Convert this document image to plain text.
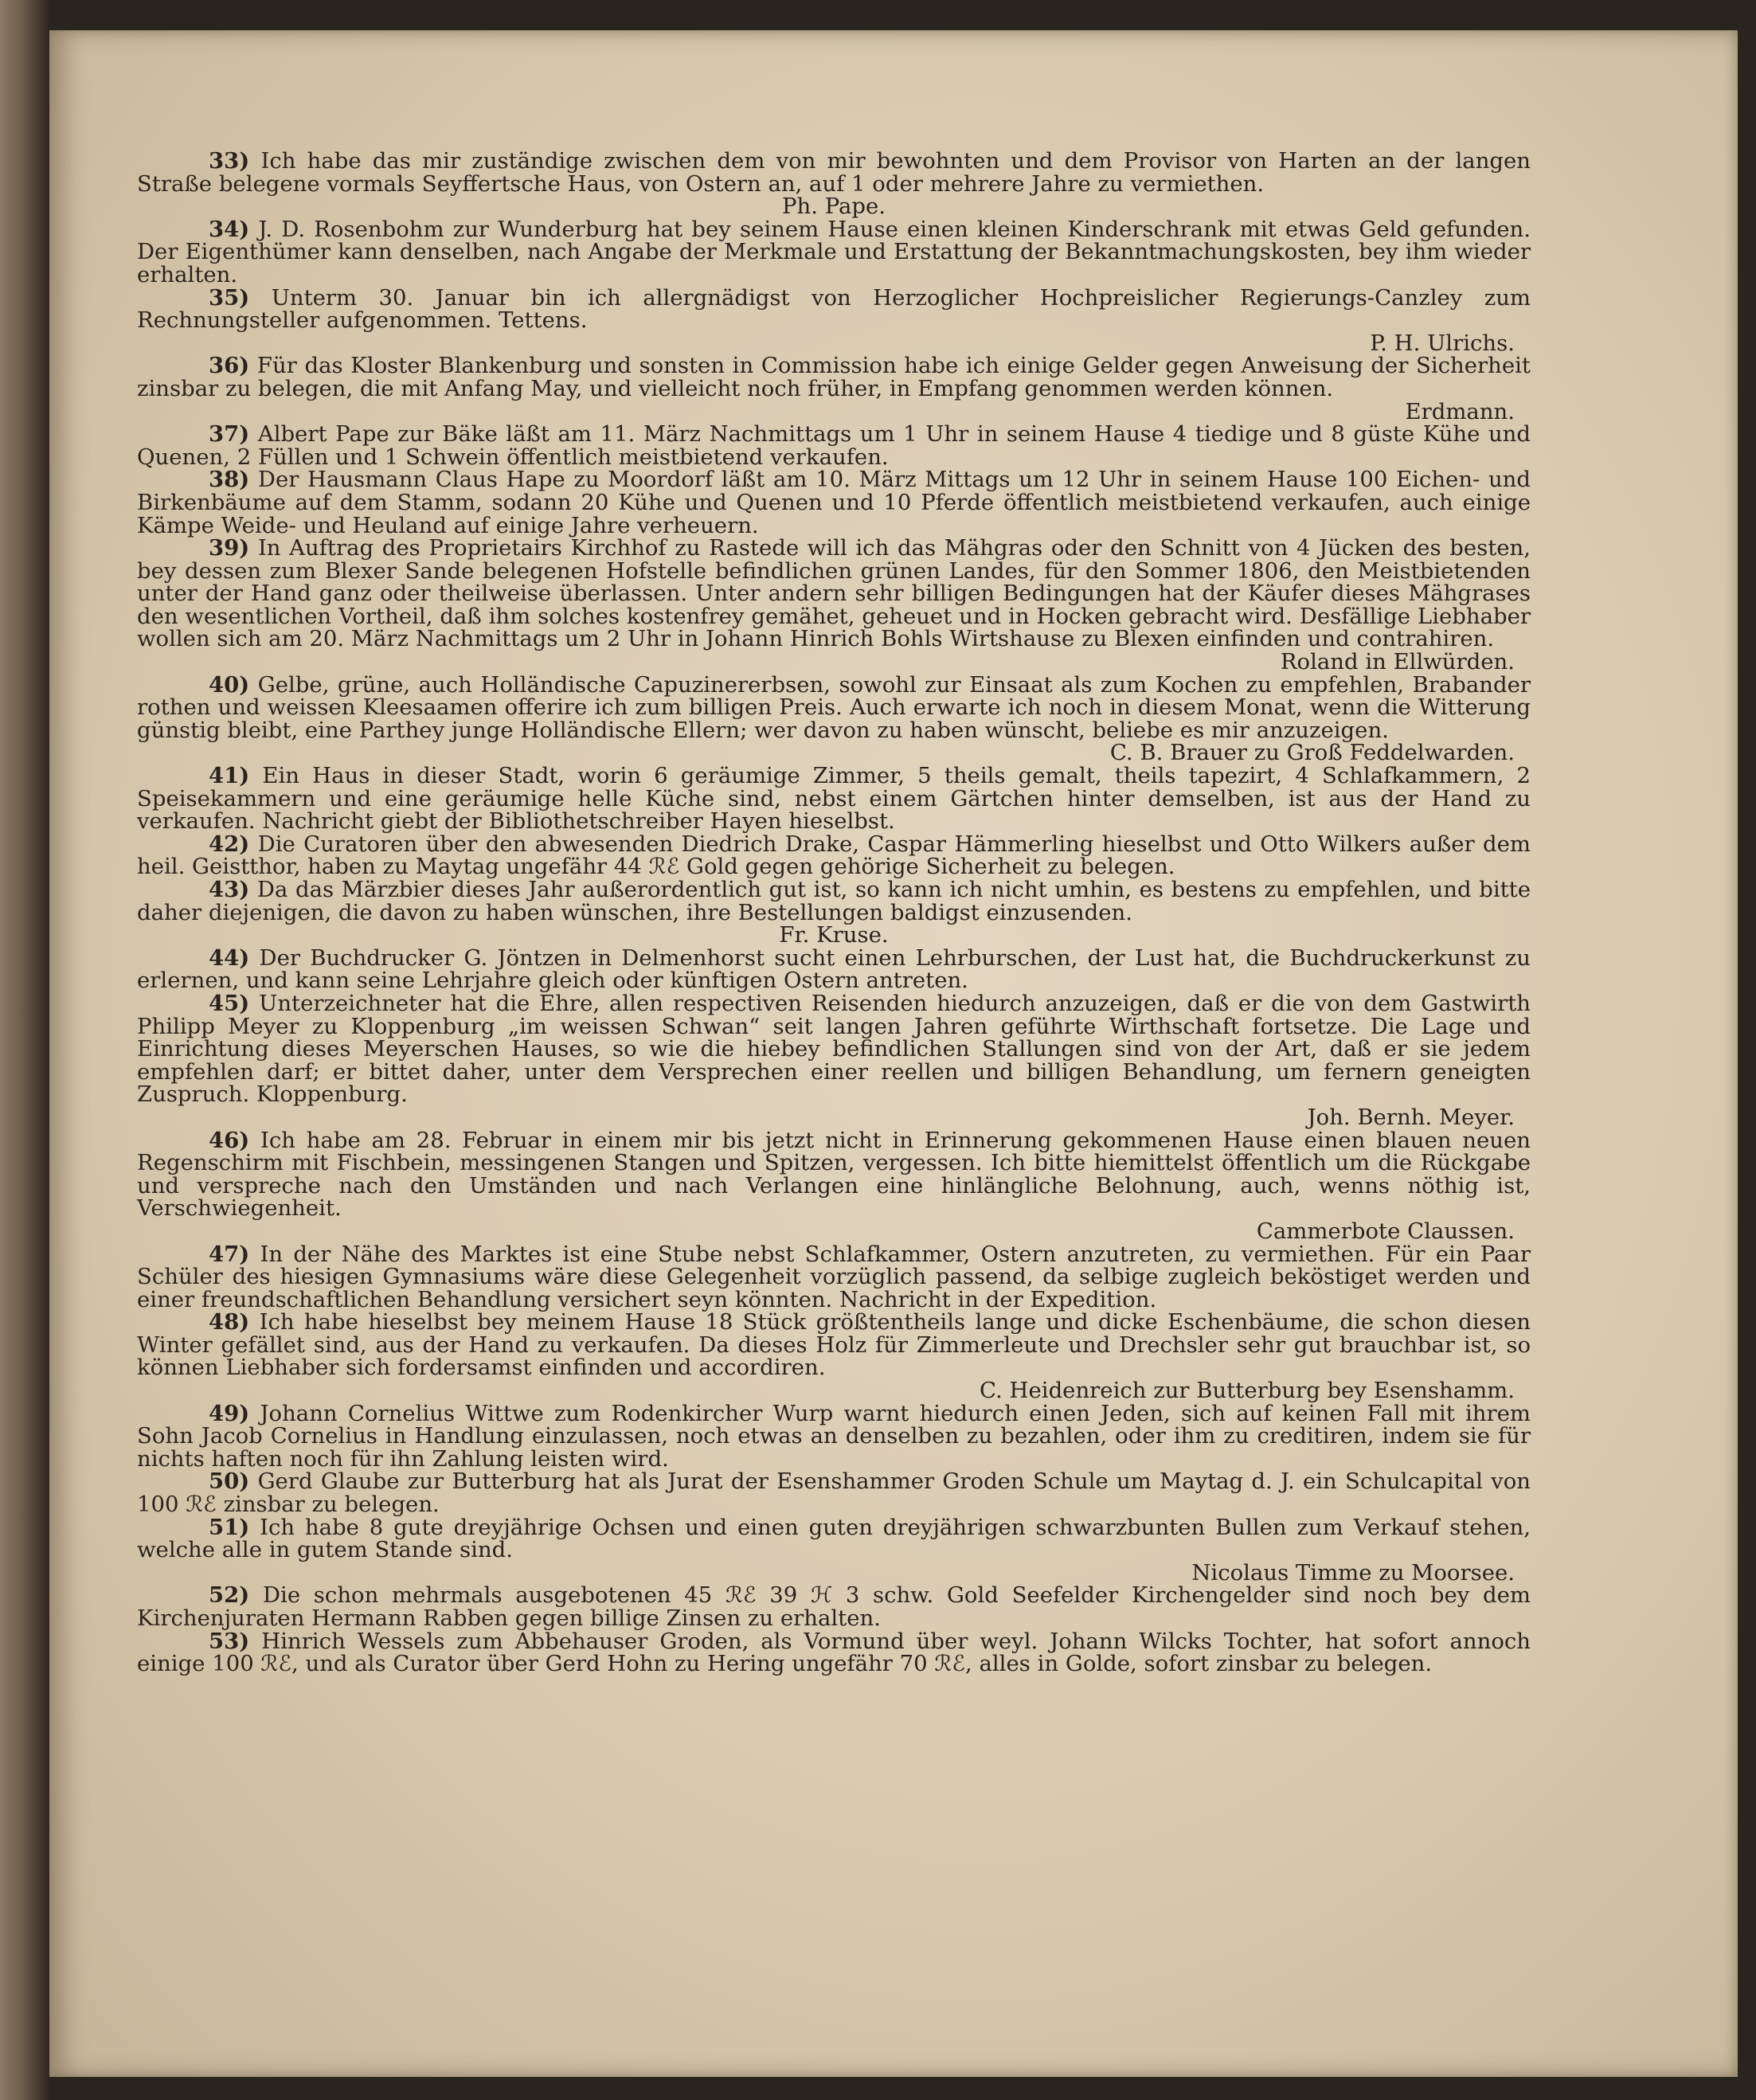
33) Ich habe das mir zuständige zwischen dem von mir bewohnten und dem Provisor von Harten an der langen Straße belegene vormals Seyffertsche Haus, von Ostern an, auf 1 oder mehrere Jahre zu vermiethen.
Ph. Pape.
34) J. D. Rosenbohm zur Wunderburg hat bey seinem Hause einen kleinen Kinderschrank mit etwas Geld gefunden. Der Eigenthümer kann denselben, nach Angabe der Merkmale und Erstattung der Bekanntmachungskosten, bey ihm wieder erhalten.
35) Unterm 30. Januar bin ich allergnädigst von Herzoglicher Hochpreislicher Regierungs-Canzley zum Rechnungsteller aufgenommen. Tettens.
P. H. Ulrichs.
36) Für das Kloster Blankenburg und sonsten in Commission habe ich einige Gelder gegen Anweisung der Sicherheit zinsbar zu belegen, die mit Anfang May, und vielleicht noch früher, in Empfang genommen werden können.
Erdmann.
37) Albert Pape zur Bäke läßt am 11. März Nachmittags um 1 Uhr in seinem Hause 4 tiedige und 8 güste Kühe und Quenen, 2 Füllen und 1 Schwein öffentlich meistbietend verkaufen.
38) Der Hausmann Claus Hape zu Moordorf läßt am 10. März Mittags um 12 Uhr in seinem Hause 100 Eichen- und Birkenbäume auf dem Stamm, sodann 20 Kühe und Quenen und 10 Pferde öffentlich meistbietend verkaufen, auch einige Kämpe Weide- und Heuland auf einige Jahre verheuern.
39) In Auftrag des Proprietairs Kirchhof zu Rastede will ich das Mähgras oder den Schnitt von 4 Jücken des besten, bey dessen zum Blexer Sande belegenen Hofstelle befindlichen grünen Landes, für den Sommer 1806, den Meistbietenden unter der Hand ganz oder theilweise überlassen. Unter andern sehr billigen Bedingungen hat der Käufer dieses Mähgrases den wesentlichen Vortheil, daß ihm solches kostenfrey gemähet, geheuet und in Hocken gebracht wird. Desfällige Liebhaber wollen sich am 20. März Nachmittags um 2 Uhr in Johann Hinrich Bohls Wirtshause zu Blexen einfinden und contrahiren.
Roland in Ellwürden.
40) Gelbe, grüne, auch Holländische Capuzinererbsen, sowohl zur Einsaat als zum Kochen zu empfehlen, Brabander rothen und weissen Kleesaamen offerire ich zum billigen Preis. Auch erwarte ich noch in diesem Monat, wenn die Witterung günstig bleibt, eine Parthey junge Holländische Ellern; wer davon zu haben wünscht, beliebe es mir anzuzeigen.
C. B. Brauer zu Groß Feddelwarden.
41) Ein Haus in dieser Stadt, worin 6 geräumige Zimmer, 5 theils gemalt, theils tapezirt, 4 Schlafkammern, 2 Speisekammern und eine geräumige helle Küche sind, nebst einem Gärtchen hinter demselben, ist aus der Hand zu verkaufen. Nachricht giebt der Bibliothetschreiber Hayen hieselbst.
42) Die Curatoren über den abwesenden Diedrich Drake, Caspar Hämmerling hieselbst und Otto Wilkers außer dem heil. Geistthor, haben zu Maytag ungefähr 44 ℛℰ Gold gegen gehörige Sicherheit zu belegen.
43) Da das Märzbier dieses Jahr außerordentlich gut ist, so kann ich nicht umhin, es bestens zu empfehlen, und bitte daher diejenigen, die davon zu haben wünschen, ihre Bestellungen baldigst einzusenden.
Fr. Kruse.
44) Der Buchdrucker G. Jöntzen in Delmenhorst sucht einen Lehrburschen, der Lust hat, die Buchdruckerkunst zu erlernen, und kann seine Lehrjahre gleich oder künftigen Ostern antreten.
45) Unterzeichneter hat die Ehre, allen respectiven Reisenden hiedurch anzuzeigen, daß er die von dem Gastwirth Philipp Meyer zu Kloppenburg „im weissen Schwan“ seit langen Jahren geführte Wirthschaft fortsetze. Die Lage und Einrichtung dieses Meyerschen Hauses, so wie die hiebey befindlichen Stallungen sind von der Art, daß er sie jedem empfehlen darf; er bittet daher, unter dem Versprechen einer reellen und billigen Behandlung, um fernern geneigten Zuspruch. Kloppenburg.
Joh. Bernh. Meyer.
46) Ich habe am 28. Februar in einem mir bis jetzt nicht in Erinnerung gekommenen Hause einen blauen neuen Regenschirm mit Fischbein, messingenen Stangen und Spitzen, vergessen. Ich bitte hiemittelst öffentlich um die Rückgabe und verspreche nach den Umständen und nach Verlangen eine hinlängliche Belohnung, auch, wenns nöthig ist, Verschwiegenheit.
Cammerbote Claussen.
47) In der Nähe des Marktes ist eine Stube nebst Schlafkammer, Ostern anzutreten, zu vermiethen. Für ein Paar Schüler des hiesigen Gymnasiums wäre diese Gelegenheit vorzüglich passend, da selbige zugleich beköstiget werden und einer freundschaftlichen Behandlung versichert seyn könnten. Nachricht in der Expedition.
48) Ich habe hieselbst bey meinem Hause 18 Stück größtentheils lange und dicke Eschenbäume, die schon diesen Winter gefället sind, aus der Hand zu verkaufen. Da dieses Holz für Zimmerleute und Drechsler sehr gut brauchbar ist, so können Liebhaber sich fordersamst einfinden und accordiren.
C. Heidenreich zur Butterburg bey Esenshamm.
49) Johann Cornelius Wittwe zum Rodenkircher Wurp warnt hiedurch einen Jeden, sich auf keinen Fall mit ihrem Sohn Jacob Cornelius in Handlung einzulassen, noch etwas an denselben zu bezahlen, oder ihm zu creditiren, indem sie für nichts haften noch für ihn Zahlung leisten wird.
50) Gerd Glaube zur Butterburg hat als Jurat der Esenshammer Groden Schule um Maytag d. J. ein Schulcapital von 100 ℛℰ zinsbar zu belegen.
51) Ich habe 8 gute dreyjährige Ochsen und einen guten dreyjährigen schwarzbunten Bullen zum Verkauf stehen, welche alle in gutem Stande sind.
Nicolaus Timme zu Moorsee.
52) Die schon mehrmals ausgebotenen 45 ℛℰ 39 ℋ 3 schw. Gold Seefelder Kirchengelder sind noch bey dem Kirchenjuraten Hermann Rabben gegen billige Zinsen zu erhalten.
53) Hinrich Wessels zum Abbehauser Groden, als Vormund über weyl. Johann Wilcks Tochter, hat sofort annoch einige 100 ℛℰ, und als Curator über Gerd Hohn zu Hering ungefähr 70 ℛℰ, alles in Golde, sofort zinsbar zu belegen.
